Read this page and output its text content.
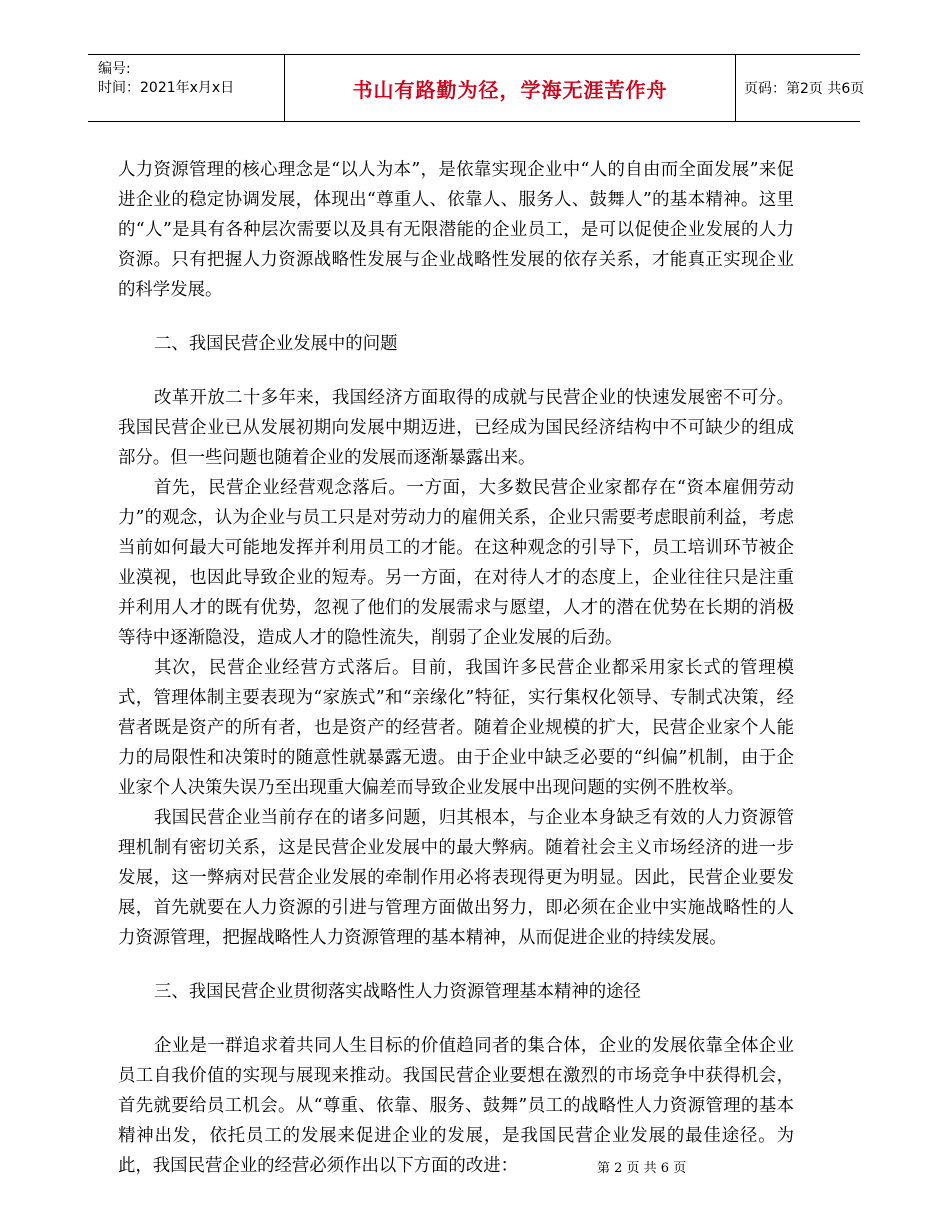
编号:
时间：2021年x月x日	书山有路勤为径，学海无涯苦作舟	页码：第2页 共6页

人力资源管理的核心理念是“以人为本”，是依靠实现企业中“人的自由而全面发展”来促进企业的稳定协调发展，体现出“尊重人、依靠人、服务人、鼓舞人”的基本精神。这里的“人”是具有各种层次需要以及具有无限潜能的企业员工，是可以促使企业发展的人力资源。只有把握人力资源战略性发展与企业战略性发展的依存关系，才能真正实现企业的科学发展。

二、我国民营企业发展中的问题

改革开放二十多年来，我国经济方面取得的成就与民营企业的快速发展密不可分。我国民营企业已从发展初期向发展中期迈进，已经成为国民经济结构中不可缺少的组成部分。但一些问题也随着企业的发展而逐渐暴露出来。

首先，民营企业经营观念落后。一方面，大多数民营企业家都存在“资本雇佣劳动力”的观念，认为企业与员工只是对劳动力的雇佣关系，企业只需要考虑眼前利益，考虑当前如何最大可能地发挥并利用员工的才能。在这种观念的引导下，员工培训环节被企业漠视，也因此导致企业的短寿。另一方面，在对待人才的态度上，企业往往只是注重并利用人才的既有优势，忽视了他们的发展需求与愿望，人才的潜在优势在长期的消极等待中逐渐隐没，造成人才的隐性流失，削弱了企业发展的后劲。

其次，民营企业经营方式落后。目前，我国许多民营企业都采用家长式的管理模式，管理体制主要表现为“家族式”和“亲缘化”特征，实行集权化领导、专制式决策，经营者既是资产的所有者，也是资产的经营者。随着企业规模的扩大，民营企业家个人能力的局限性和决策时的随意性就暴露无遗。由于企业中缺乏必要的“纠偏”机制，由于企业家个人决策失误乃至出现重大偏差而导致企业发展中出现问题的实例不胜枚举。

我国民营企业当前存在的诸多问题，归其根本，与企业本身缺乏有效的人力资源管理机制有密切关系，这是民营企业发展中的最大弊病。随着社会主义市场经济的进一步发展，这一弊病对民营企业发展的牵制作用必将表现得更为明显。因此，民营企业要发展，首先就要在人力资源的引进与管理方面做出努力，即必须在企业中实施战略性的人力资源管理，把握战略性人力资源管理的基本精神，从而促进企业的持续发展。

三、我国民营企业贯彻落实战略性人力资源管理基本精神的途径

企业是一群追求着共同人生目标的价值趋同者的集合体，企业的发展依靠全体企业员工自我价值的实现与展现来推动。我国民营企业要想在激烈的市场竞争中获得机会，首先就要给员工机会。从“尊重、依靠、服务、鼓舞”员工的战略性人力资源管理的基本精神出发，依托员工的发展来促进企业的发展，是我国民营企业发展的最佳途径。为此，我国民营企业的经营必须作出以下方面的改进：	第 2 页 共 6 页
